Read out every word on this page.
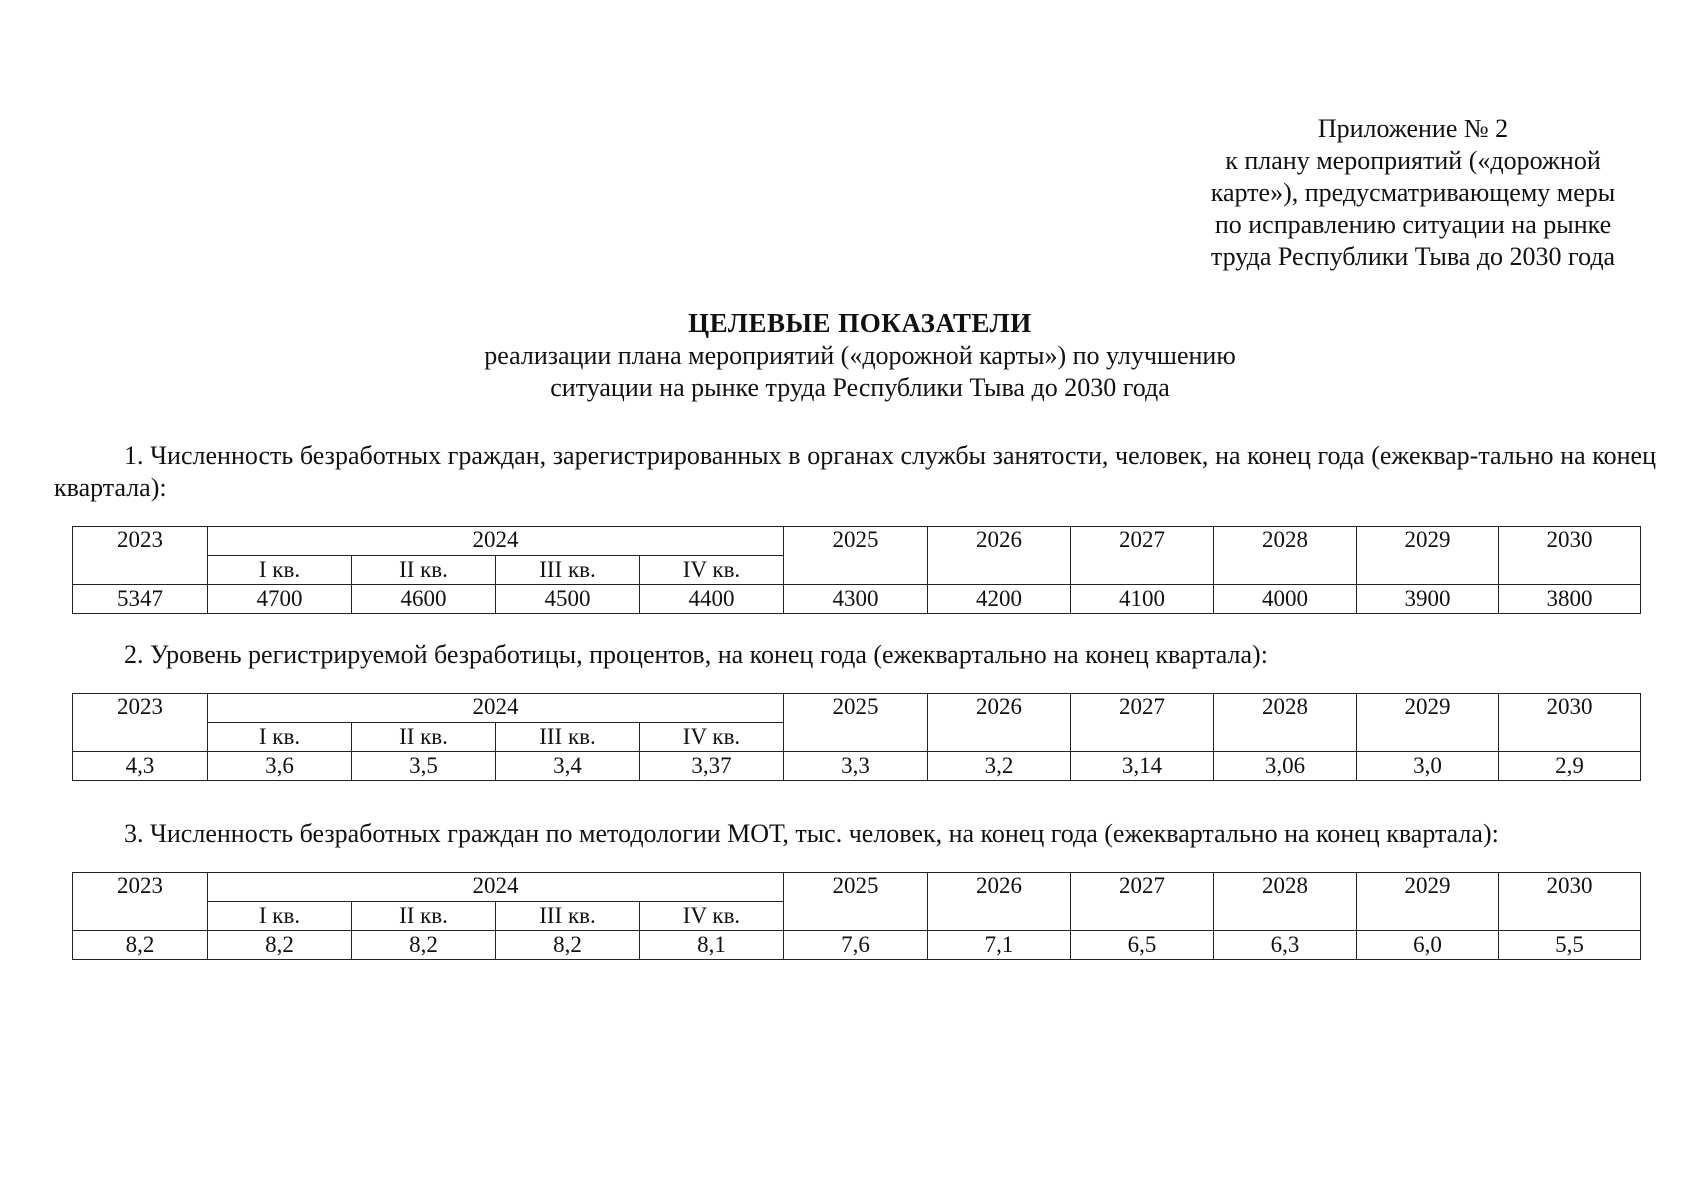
Приложение № 2
к плану мероприятий («дорожной
карте»), предусматривающему меры
по исправлению ситуации на рынке
труда Республики Тыва до 2030 года
ЦЕЛЕВЫЕ ПОКАЗАТЕЛИ
реализации плана мероприятий («дорожной карты») по улучшению
ситуации на рынке труда Республики Тыва до 2030 года
1. Численность безработных граждан, зарегистрированных в органах службы занятости, человек, на конец года (ежеквар-тально на конец квартала):
2023	2024				2025	2026	2027	2028	2029	2030
	I кв.	II кв.	III кв.	IV кв.						
5347	4700	4600	4500	4400	4300	4200	4100	4000	3900	3800
2. Уровень регистрируемой безработицы, процентов, на конец года (ежеквартально на конец квартала):
2023	2024				2025	2026	2027	2028	2029	2030
	I кв.	II кв.	III кв.	IV кв.						
4,3	3,6	3,5	3,4	3,37	3,3	3,2	3,14	3,06	3,0	2,9
3. Численность безработных граждан по методологии МОТ, тыс. человек, на конец года (ежеквартально на конец квартала):
2023	2024				2025	2026	2027	2028	2029	2030
	I кв.	II кв.	III кв.	IV кв.						
8,2	8,2	8,2	8,2	8,1	7,6	7,1	6,5	6,3	6,0	5,5
